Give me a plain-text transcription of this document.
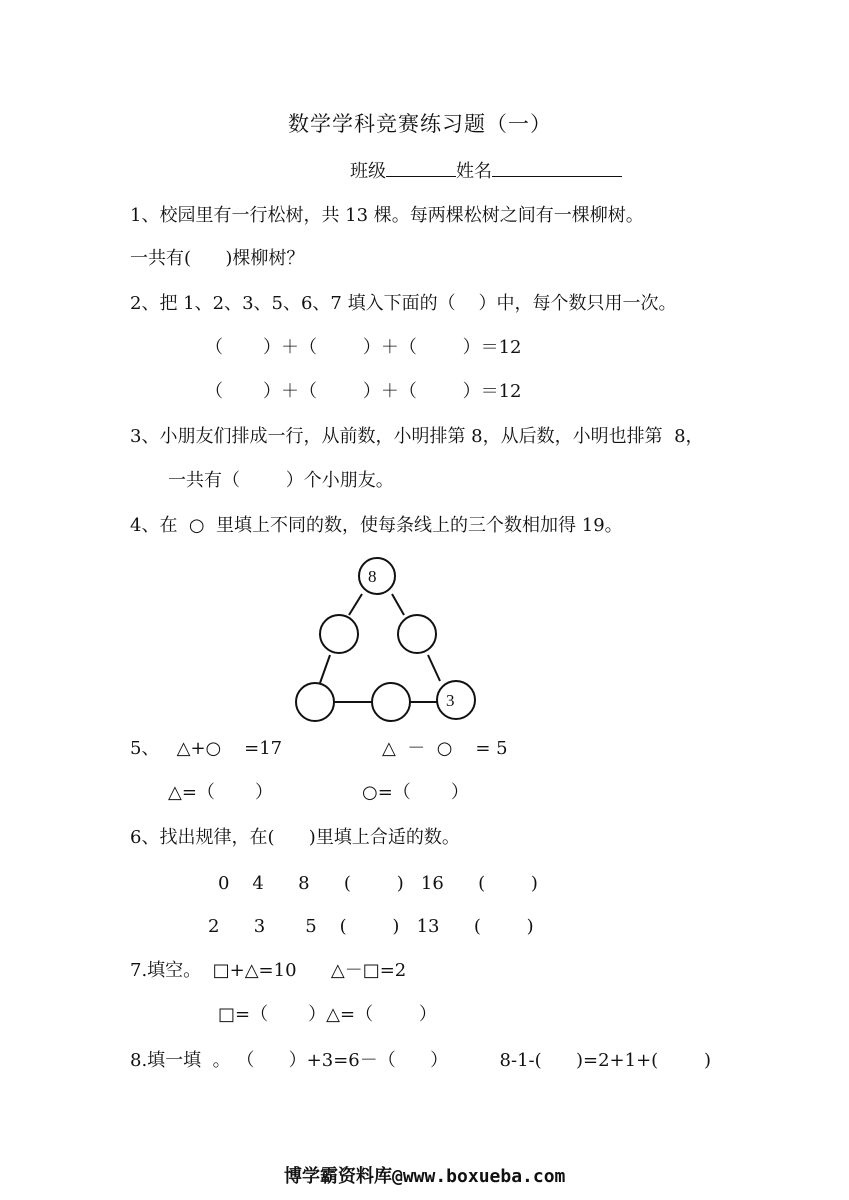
数学学科竞赛练习题（一）
班级	姓名
1、校园里有一行松树，共 13 棵。每两棵松树之间有一棵柳树。
一共有(      )棵柳树？
2、把 1、2、3、5、6、7 填入下面的（    ）中，每个数只用一次。
（       ）＋（        ）＋（        ）＝12
（       ）＋（        ）＋（        ）＝12
3、小朋友们排成一行，从前数，小明排第 8，从后数，小明也排第  8，
一共有（        ）个小朋友。
4、在  ○  里填上不同的数，使每条线上的三个数相加得 19。
8
3
5、   △+○    =17	△  －  ○    = 5
△=（       ）	○=（       ）
6、找出规律，在(      )里填上合适的数。
0    4      8      (        )   16      (        )
2      3       5    (        )   13      (        )
7.填空。  □+△=10      △－□=2
□=（       ）△=（        ）
8.填一填  。 （      ）+3=6－（      ）         8-1-(      )=2+1+(        )
博学霸资料库@www.boxueba.com
